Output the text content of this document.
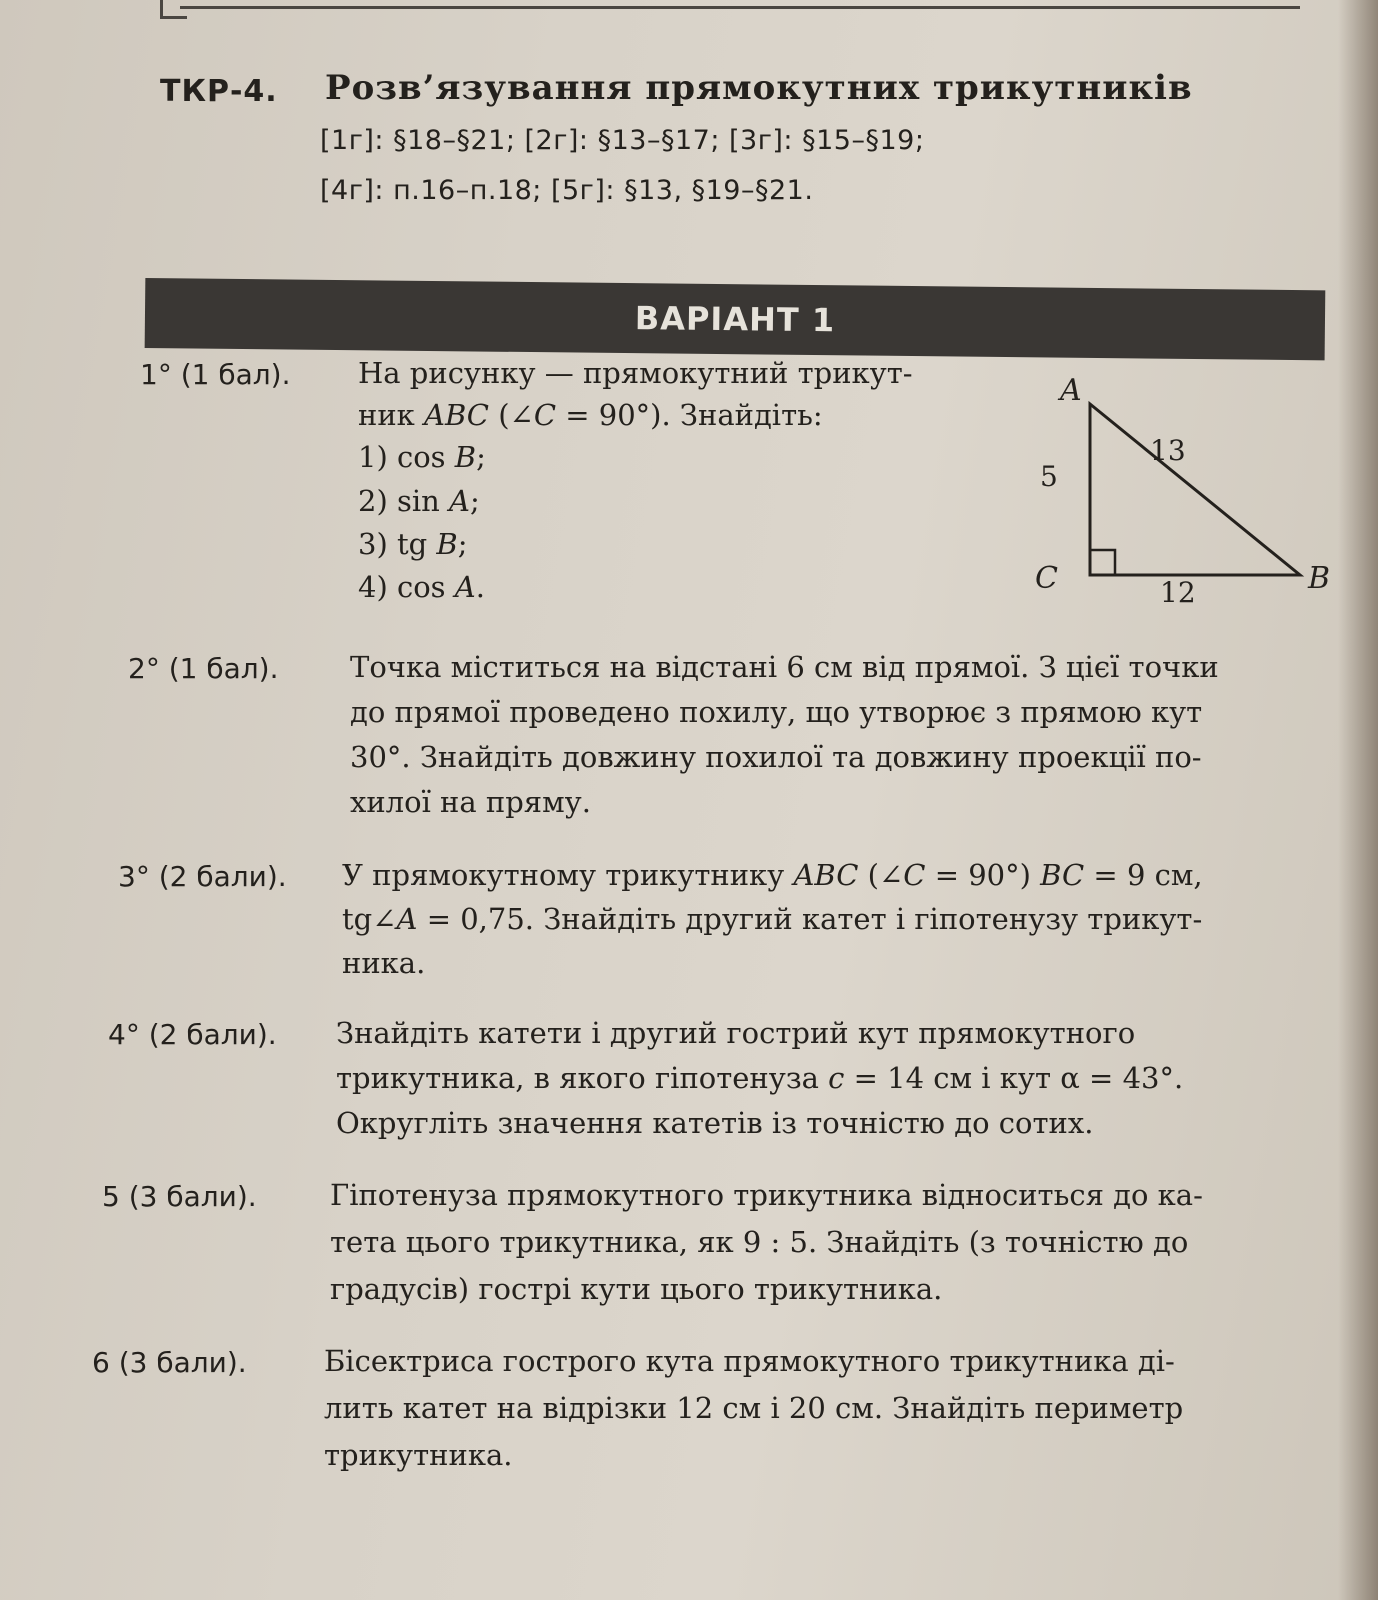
ТКР-4. Розв’язування прямокутних трикутників
[1г]: §18–§21; [2г]: §13–§17; [3г]: §15–§19;
[4г]: п.16–п.18; [5г]: §13, §19–§21.
ВАРІАНТ 1
1° (1 бал). На рисунку — прямокутний трикут-
ник ABC (∠C = 90°). Знайдіть:
1) cos B;
2) sin A;
3) tg B;
4) cos A.
A
B
C
5
13
12
2° (1 бал). Точка міститься на відстані 6 см від прямої. З цієї точки
до прямої проведено похилу, що утворює з прямою кут
30°. Знайдіть довжину похилої та довжину проекції по-
хилої на пряму.
3° (2 бали). У прямокутному трикутнику ABC (∠C = 90°) BC = 9 см,
tg∠A = 0,75. Знайдіть другий катет і гіпотенузу трикут-
ника.
4° (2 бали). Знайдіть катети і другий гострий кут прямокутного
трикутника, в якого гіпотенуза c = 14 см і кут α = 43°.
Округліть значення катетів із точністю до сотих.
5 (3 бали).	Гіпотенуза прямокутного трикутника відноситься до ка-
тета цього трикутника, як 9 : 5. Знайдіть (з точністю до
градусів) гострі кути цього трикутника.
6 (3 бали).	Бісектриса гострого кута прямокутного трикутника ді-
лить катет на відрізки 12 см і 20 см. Знайдіть периметр
трикутника.
